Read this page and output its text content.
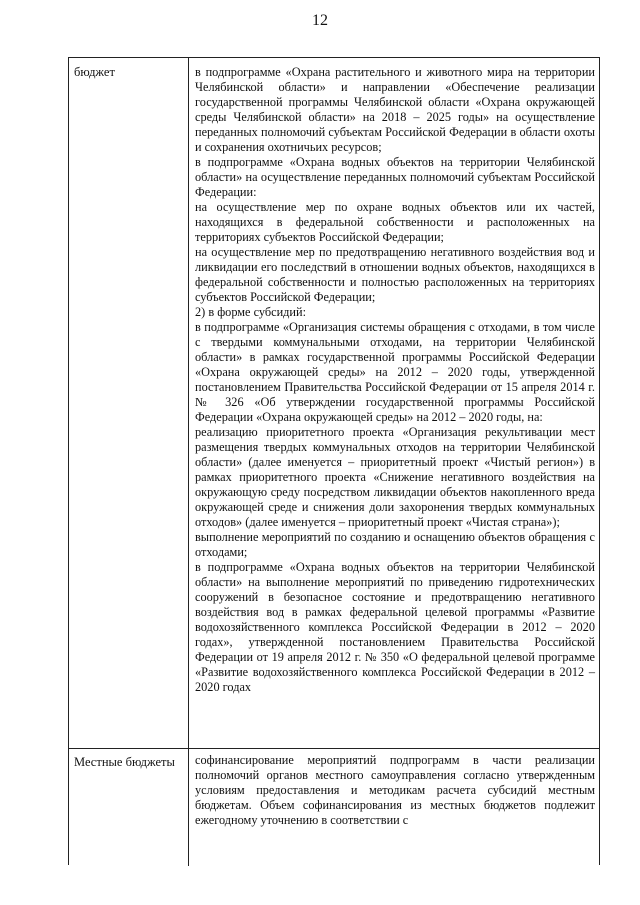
12
бюджет	в подпрограмме «Охрана растительного и животного мира на территории Челябинской области» и направлении «Обеспечение реализации государственной программы Челябинской области «Охрана окружающей среды Челябинской области» на 2018 – 2025 годы» на осуществление переданных полномочий субъектам Российской Федерации в области охоты и сохранения охотничьих ресурсов;

в подпрограмме «Охрана водных объектов на территории Челябинской области» на осуществление переданных полномочий субъектам Российской Федерации:

на осуществление мер по охране водных объектов или их частей, находящихся в федеральной собственности и расположенных на территориях субъектов Российской Федерации;

на осуществление мер по предотвращению негативного воздействия вод и ликвидации его последствий в отношении водных объектов, находящихся в федеральной собственности и полностью расположенных на территориях субъектов Российской Федерации;

2) в форме субсидий:

в подпрограмме «Организация системы обращения с отходами, в том числе с твердыми коммунальными отходами, на территории Челябинской области» в рамках государственной программы Российской Федерации «Охрана окружающей среды» на 2012 – 2020 годы, утвержденной постановлением Правительства Российской Федерации от 15 апреля 2014 г. № 326 «Об утверждении государственной программы Российской Федерации «Охрана окружающей среды» на 2012 – 2020 годы, на:

реализацию приоритетного проекта «Организация рекультивации мест размещения твердых коммунальных отходов на территории Челябинской области» (далее именуется – приоритетный проект «Чистый регион») в рамках приоритетного проекта «Снижение негативного воздействия на окружающую среду посредством ликвидации объектов накопленного вреда окружающей среде и снижения доли захоронения твердых коммунальных отходов» (далее именуется – приоритетный проект «Чистая страна»);

выполнение мероприятий по созданию и оснащению объектов обращения с отходами;

в подпрограмме «Охрана водных объектов на территории Челябинской области» на выполнение мероприятий по приведению гидротехнических сооружений в безопасное состояние и предотвращению негативного воздействия вод в рамках федеральной целевой программы «Развитие водохозяйственного комплекса Российской Федерации в 2012 – 2020 годах», утвержденной постановлением Правительства Российской Федерации от 19 апреля 2012 г. № 350 «О федеральной целевой программе «Развитие водохозяйственного комплекса Российской Федерации в 2012 – 2020 годах

Местные бюджеты	софинансирование мероприятий подпрограмм в части реализации полномочий органов местного самоуправления согласно утвержденным условиям предоставления и методикам расчета субсидий местным бюджетам. Объем софинансирования из местных бюджетов подлежит ежегодному уточнению в соответствии с
